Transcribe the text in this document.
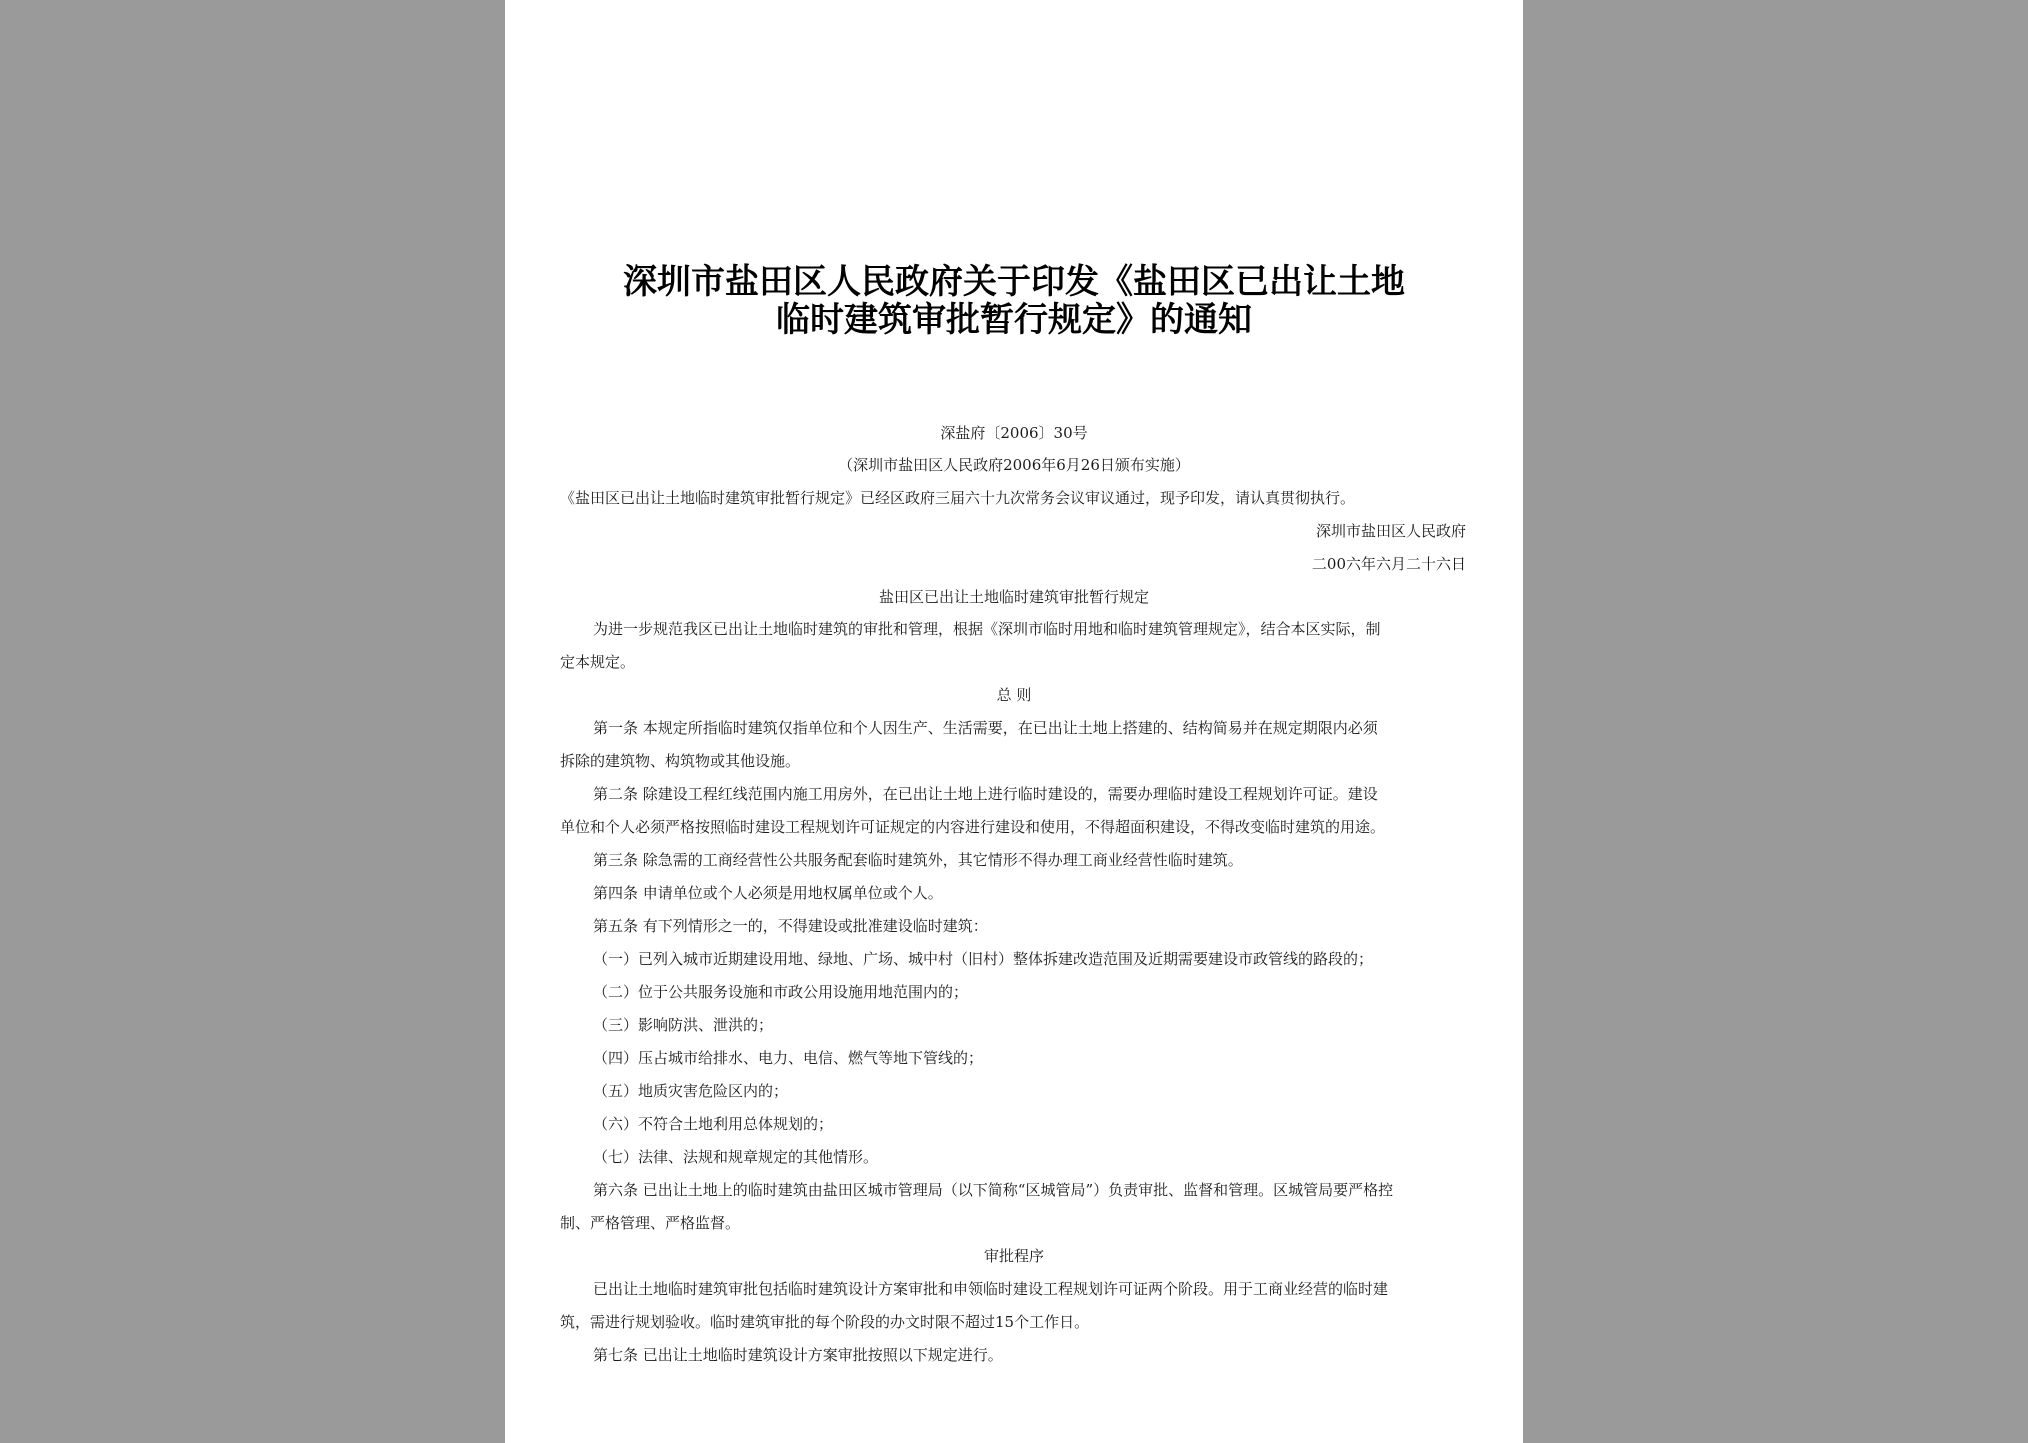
深圳市盐田区人民政府关于印发《盐田区已出让土地
临时建筑审批暂行规定》的通知
深盐府〔2006〕30号
（深圳市盐田区人民政府2006年6月26日颁布实施）
《盐田区已出让土地临时建筑审批暂行规定》已经区政府三届六十九次常务会议审议通过，现予印发，请认真贯彻执行。
深圳市盐田区人民政府
二00六年六月二十六日
盐田区已出让土地临时建筑审批暂行规定
为进一步规范我区已出让土地临时建筑的审批和管理，根据《深圳市临时用地和临时建筑管理规定》，结合本区实际，制
定本规定。
总 则
第一条 本规定所指临时建筑仅指单位和个人因生产、生活需要，在已出让土地上搭建的、结构简易并在规定期限内必须
拆除的建筑物、构筑物或其他设施。
第二条 除建设工程红线范围内施工用房外，在已出让土地上进行临时建设的，需要办理临时建设工程规划许可证。建设
单位和个人必须严格按照临时建设工程规划许可证规定的内容进行建设和使用，不得超面积建设，不得改变临时建筑的用途。
第三条 除急需的工商经营性公共服务配套临时建筑外，其它情形不得办理工商业经营性临时建筑。
第四条 申请单位或个人必须是用地权属单位或个人。
第五条 有下列情形之一的，不得建设或批准建设临时建筑：
（一）已列入城市近期建设用地、绿地、广场、城中村（旧村）整体拆建改造范围及近期需要建设市政管线的路段的；
（二）位于公共服务设施和市政公用设施用地范围内的；
（三）影响防洪、泄洪的；
（四）压占城市给排水、电力、电信、燃气等地下管线的；
（五）地质灾害危险区内的；
（六）不符合土地利用总体规划的；
（七）法律、法规和规章规定的其他情形。
第六条 已出让土地上的临时建筑由盐田区城市管理局（以下简称“区城管局”）负责审批、监督和管理。区城管局要严格控
制、严格管理、严格监督。
审批程序
已出让土地临时建筑审批包括临时建筑设计方案审批和申领临时建设工程规划许可证两个阶段。用于工商业经营的临时建
筑，需进行规划验收。临时建筑审批的每个阶段的办文时限不超过15个工作日。
第七条 已出让土地临时建筑设计方案审批按照以下规定进行。
